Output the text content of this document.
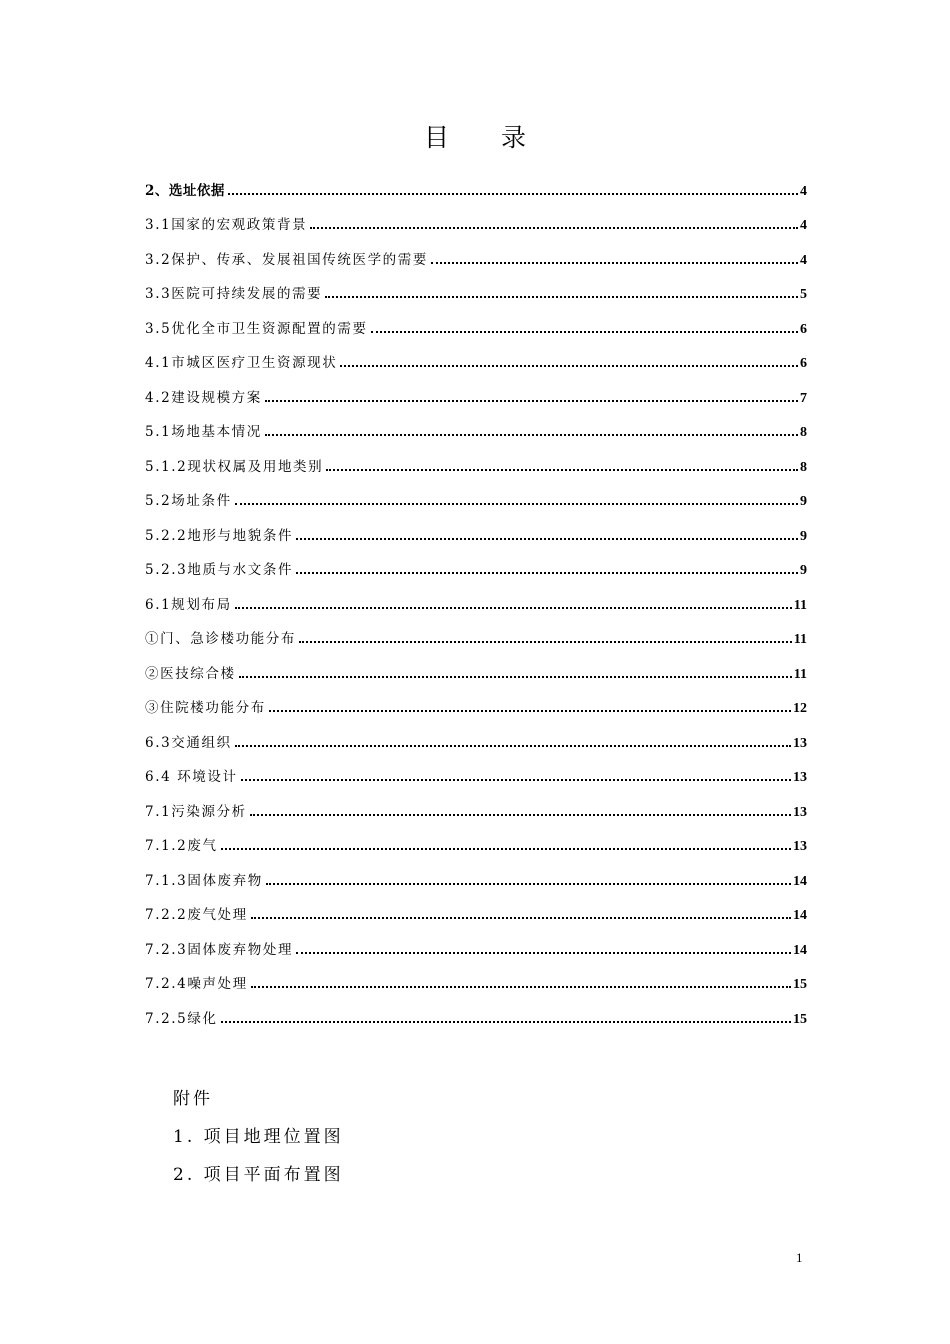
目 录
2、选址依据	4
3.1国家的宏观政策背景	4
3.2保护、传承、发展祖国传统医学的需要	4
3.3医院可持续发展的需要	5
3.5优化全市卫生资源配置的需要	6
4.1市城区医疗卫生资源现状	6
4.2建设规模方案	7
5.1场地基本情况	8
5.1.2现状权属及用地类别	8
5.2场址条件	9
5.2.2地形与地貌条件	9
5.2.3地质与水文条件	9
6.1规划布局	11
①门、急诊楼功能分布	11
②医技综合楼	11
③住院楼功能分布	12
6.3交通组织	13
6.4 环境设计	13
7.1污染源分析	13
7.1.2废气	13
7.1.3固体废弃物	14
7.2.2废气处理	14
7.2.3固体废弃物处理	14
7.2.4噪声处理	15
7.2.5绿化	15
附件
1. 项目地理位置图
2. 项目平面布置图
1
